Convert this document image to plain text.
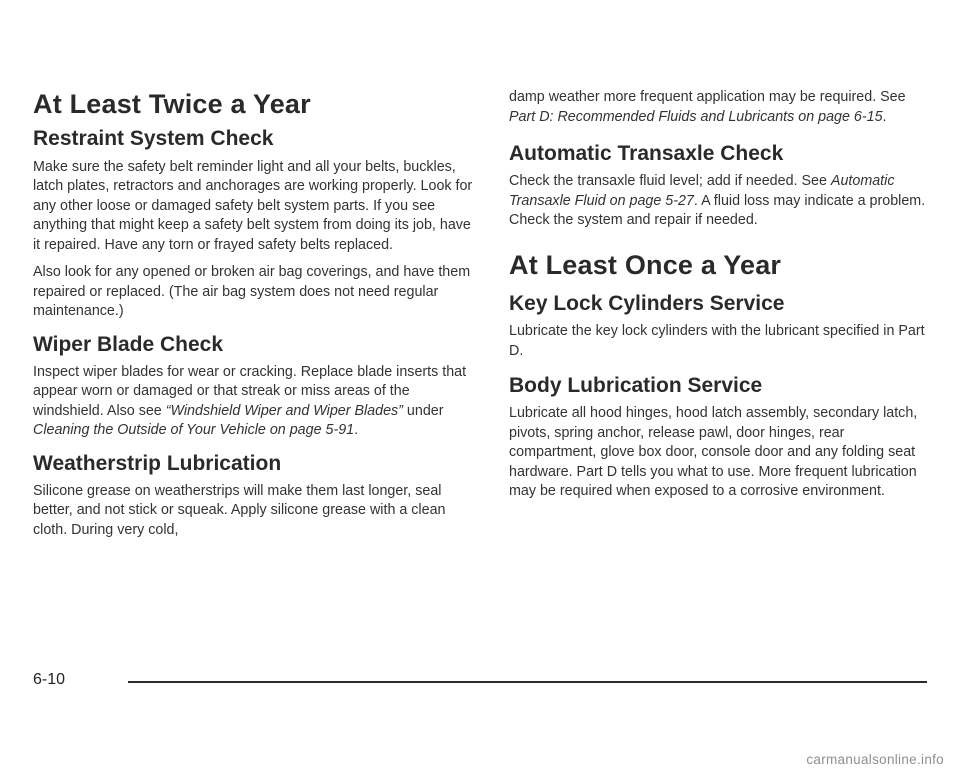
At Least Twice a Year
Restraint System Check

Make sure the safety belt reminder light and all your belts, buckles, latch plates, retractors and anchorages are working properly. Look for any other loose or damaged safety belt system parts. If you see anything that might keep a safety belt system from doing its job, have it repaired. Have any torn or frayed safety belts replaced.

Also look for any opened or broken air bag coverings, and have them repaired or replaced. (The air bag system does not need regular maintenance.)

Wiper Blade Check

Inspect wiper blades for wear or cracking. Replace blade inserts that appear worn or damaged or that streak or miss areas of the windshield. Also see “Windshield Wiper and Wiper Blades” under Cleaning the Outside of Your Vehicle on page 5-91.

Weatherstrip Lubrication

Silicone grease on weatherstrips will make them last longer, seal better, and not stick or squeak. Apply silicone grease with a clean cloth. During very cold,

damp weather more frequent application may be required. See Part D: Recommended Fluids and Lubricants on page 6-15.

Automatic Transaxle Check

Check the transaxle fluid level; add if needed. See Automatic Transaxle Fluid on page 5-27. A fluid loss may indicate a problem. Check the system and repair if needed.

At Least Once a Year
Key Lock Cylinders Service

Lubricate the key lock cylinders with the lubricant specified in Part D.

Body Lubrication Service

Lubricate all hood hinges, hood latch assembly, secondary latch, pivots, spring anchor, release pawl, door hinges, rear compartment, glove box door, console door and any folding seat hardware. Part D tells you what to use. More frequent lubrication may be required when exposed to a corrosive environment.

6-10
carmanualsonline.info
